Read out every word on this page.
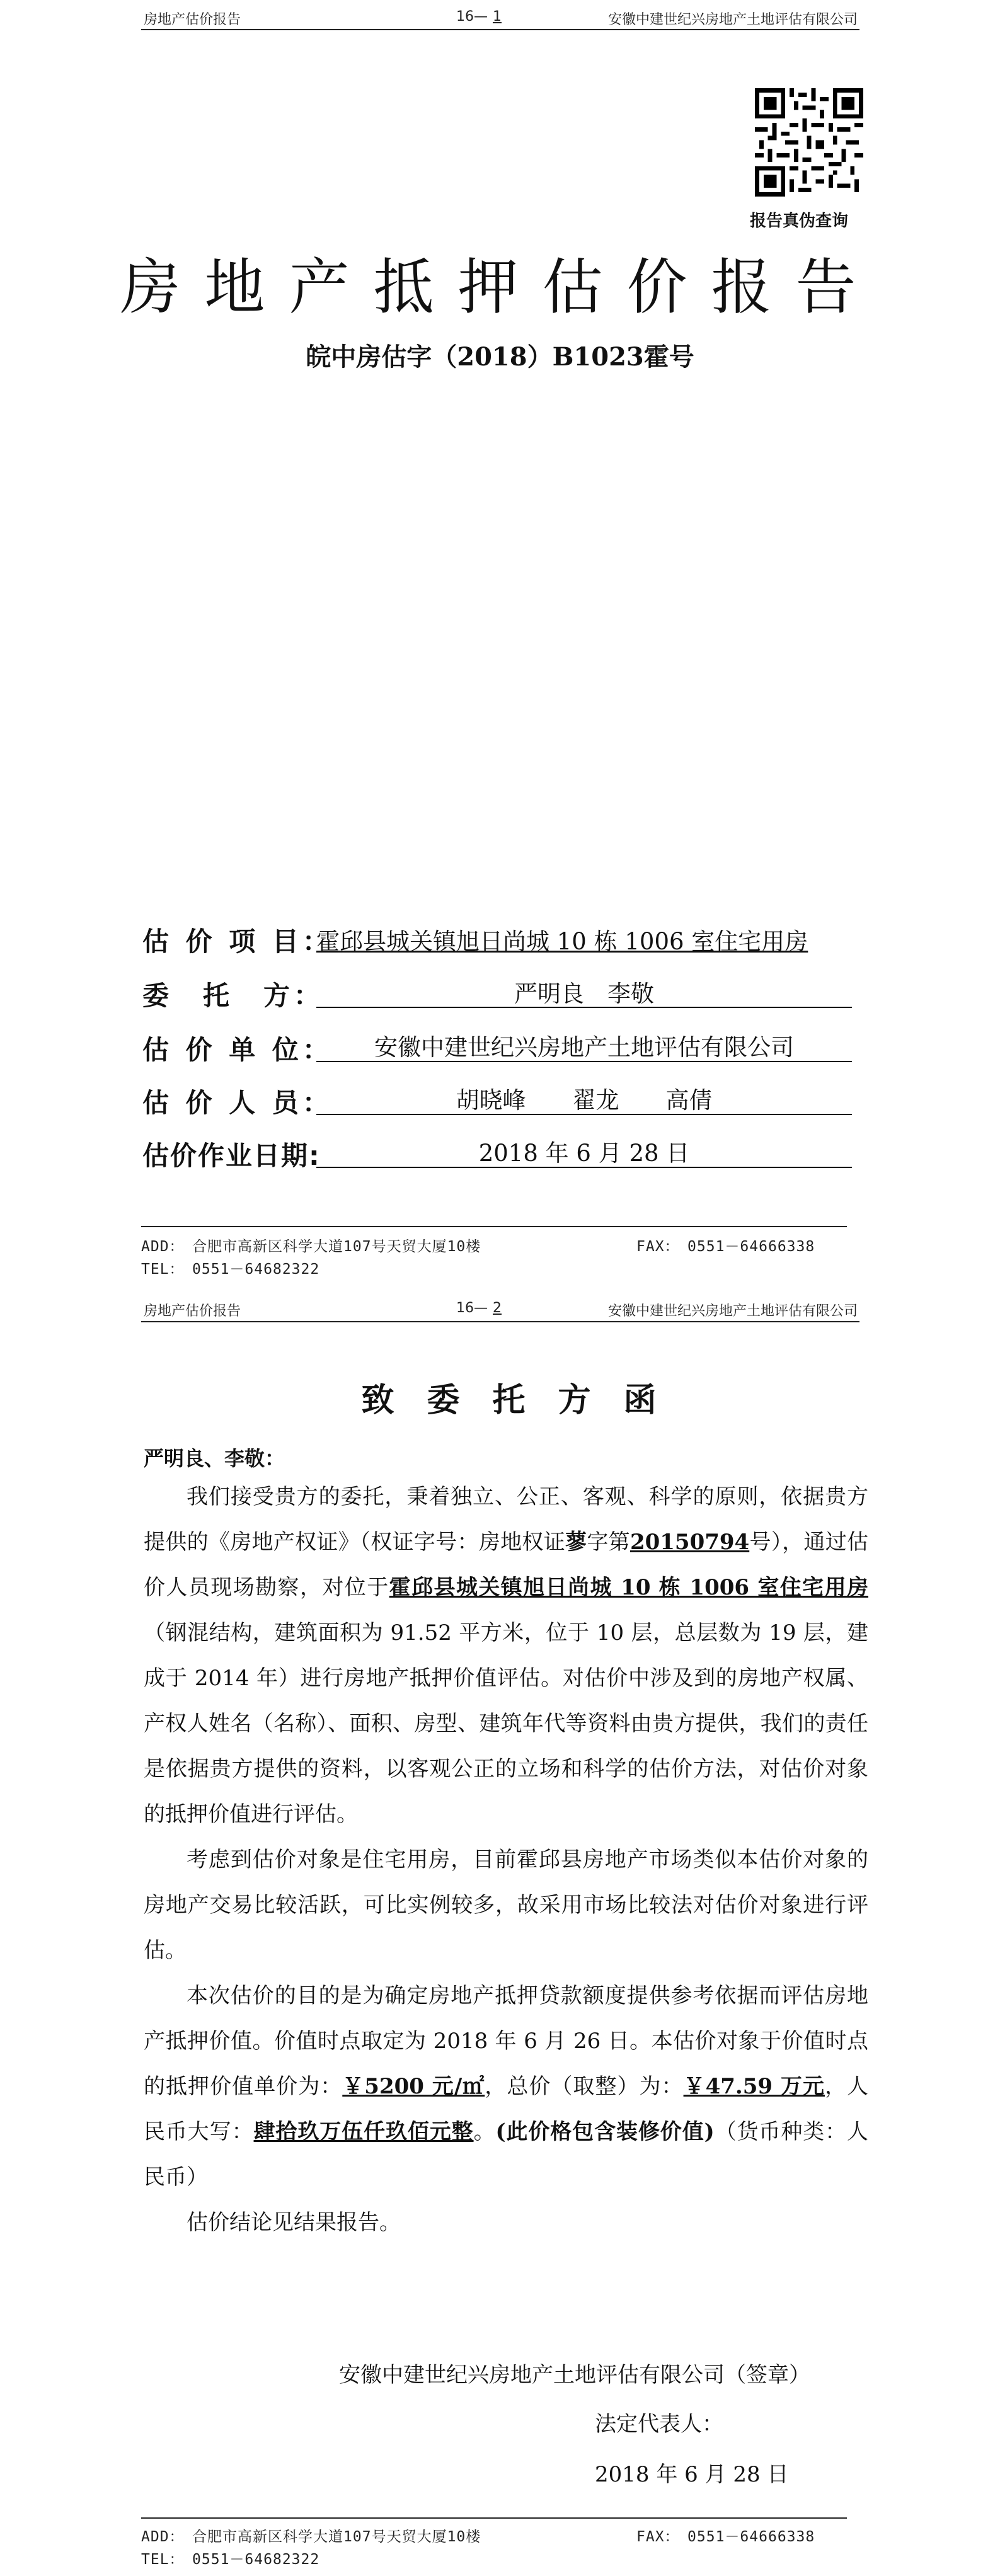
房地产估价报告	16— 1	安徽中建世纪兴房地产土地评估有限公司
报告真伪查询
房地产抵押估价报告
皖中房估字（2018）B1023霍号
估 价 项 目：
霍邱县城关镇旭日尚城 10 栋 1006 室住宅用房
委　托　方：	严明良　李敬
估 价 单 位：	安徽中建世纪兴房地产土地评估有限公司
估 价 人 员：	胡晓峰　　翟龙　　高倩
估价作业日期:	2018 年 6 月 28 日
ADD：　合肥市高新区科学大道107号天贸大厦10楼	FAX：　0551－64666338
TEL：　0551－64682322
房地产估价报告	16— 2	安徽中建世纪兴房地产土地评估有限公司
致委托方函
严明良、李敬：
我们接受贵方的委托，秉着独立、公正、客观、科学的原则，依据贵方提供的《房地产权证》（权证字号：房地权证蓼字第20150794号），通过估价人员现场勘察，对位于霍邱县城关镇旭日尚城 10 栋 1006 室住宅用房（钢混结构，建筑面积为 91.52 平方米，位于 10 层，总层数为 19 层，建成于 2014 年）进行房地产抵押价值评估。对估价中涉及到的房地产权属、产权人姓名（名称）、面积、房型、建筑年代等资料由贵方提供，我们的责任是依据贵方提供的资料，以客观公正的立场和科学的估价方法，对估价对象的抵押价值进行评估。
考虑到估价对象是住宅用房，目前霍邱县房地产市场类似本估价对象的房地产交易比较活跃，可比实例较多，故采用市场比较法对估价对象进行评估。
本次估价的目的是为确定房地产抵押贷款额度提供参考依据而评估房地产抵押价值。价值时点取定为 2018 年 6 月 26 日。本估价对象于价值时点的抵押价值单价为：￥5200 元/㎡，总价（取整）为：￥47.59 万元，人民币大写：肆拾玖万伍仟玖佰元整。(此价格包含装修价值)（货币种类：人民币）
估价结论见结果报告。
安徽中建世纪兴房地产土地评估有限公司（签章）
法定代表人：
2018 年 6 月 28 日
ADD：　合肥市高新区科学大道107号天贸大厦10楼	FAX：　0551－64666338
TEL：　0551－64682322
